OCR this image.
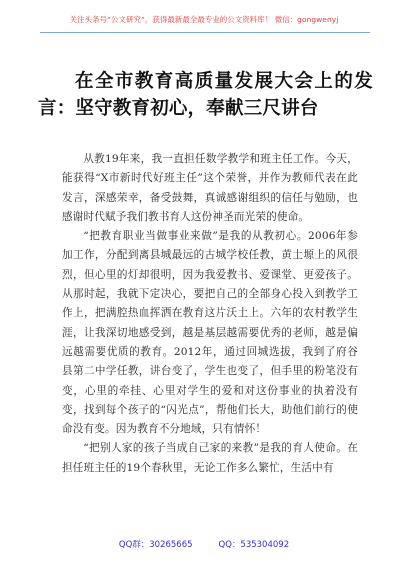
关注头条号“公文研究”，获得最新最全最专业的公文资料库！ 微信：gongwenyj
在全市教育高质量发展大会上的发言：坚守教育初心，奉献三尺讲台

从教19年来，我一直担任数学教学和班主任工作。今天，能获得“X市新时代好班主任”这个荣誉，并作为教师代表在此发言，深感荣幸，备受鼓舞，真诚感谢组织的信任与勉励，也感谢时代赋予我们教书育人这份神圣而光荣的使命。

“把教育职业当做事业来做”是我的从教初心。2006年参加工作，分配到离县城最远的古城学校任教，黄土塬上的风很烈，但心里的灯却很明，因为我爱教书、爱课堂、更爱孩子。从那时起，我就下定决心，要把自己的全部身心投入到教学工作上，把满腔热血挥洒在教育这片沃土上。六年的农村教学生涯，让我深切地感受到，越是基层越需要优秀的老师，越是偏远越需要优质的教育。2012年，通过回城选拔，我到了府谷县第二中学任教，讲台变了，学生也变了，但手里的粉笔没有变，心里的牵挂、心里对学生的爱和对这份事业的执着没有变，找到每个孩子的“闪光点”，帮他们长大，助他们前行的使命没有变。因为教育不分地域，只有情怀！

“把别人家的孩子当成自己家的来教”是我的育人使命。在担任班主任的19个春秋里，无论工作多么繁忙，生活中有

QQ群：30265665	QQ：535304092
